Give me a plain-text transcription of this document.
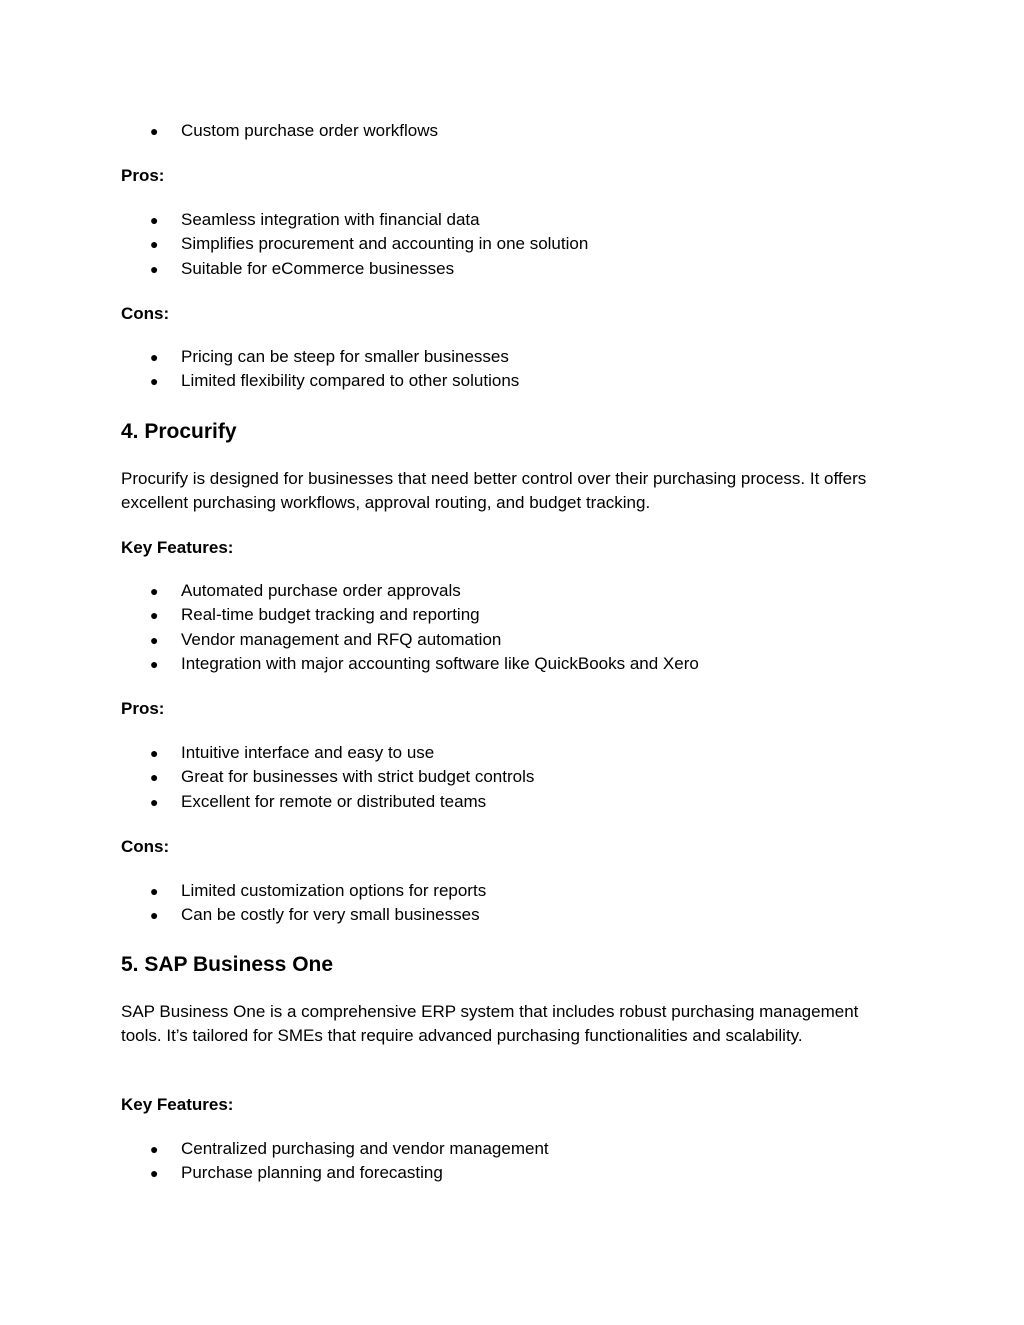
● Custom purchase order workflows

Pros:

● Seamless integration with financial data
● Simplifies procurement and accounting in one solution
● Suitable for eCommerce businesses

Cons:

● Pricing can be steep for smaller businesses
● Limited flexibility compared to other solutions
4. Procurify

Procurify is designed for businesses that need better control over their purchasing process. It offers excellent purchasing workflows, approval routing, and budget tracking.

Key Features:

● Automated purchase order approvals
● Real-time budget tracking and reporting
● Vendor management and RFQ automation
● Integration with major accounting software like QuickBooks and Xero

Pros:

● Intuitive interface and easy to use
● Great for businesses with strict budget controls
● Excellent for remote or distributed teams

Cons:

● Limited customization options for reports
● Can be costly for very small businesses
5. SAP Business One

SAP Business One is a comprehensive ERP system that includes robust purchasing management tools. It’s tailored for SMEs that require advanced purchasing functionalities and scalability.

Key Features:

● Centralized purchasing and vendor management
● Purchase planning and forecasting
